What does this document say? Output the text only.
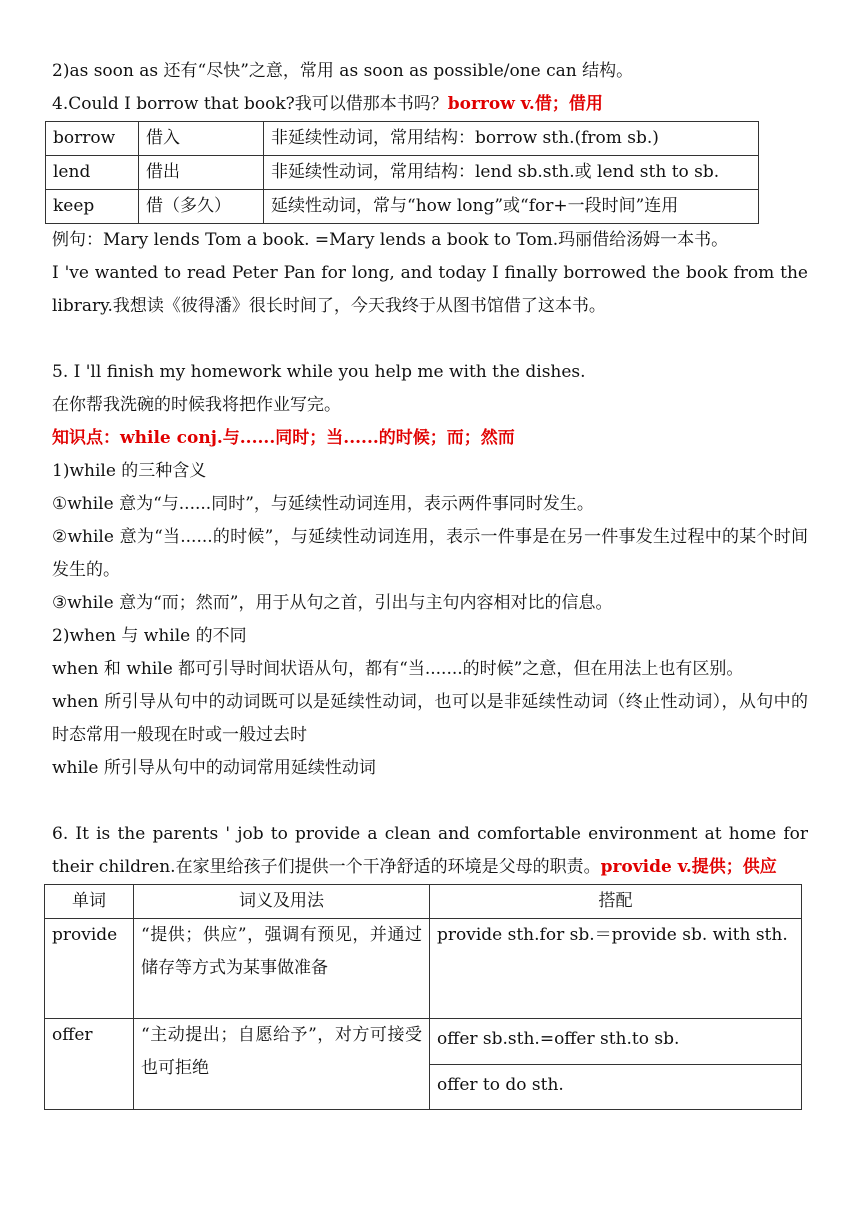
2)as soon as 还有“尽快”之意，常用 as soon as possible/one can 结构。

4.Could I borrow that book?我可以借那本书吗？borrow v.借；借用

borrow	借入	非延续性动词，常用结构：borrow sth.(from sb.)
lend	借出	非延续性动词，常用结构：lend sb.sth.或 lend sth to sb.
keep	借（多久）	延续性动词，常与“how long”或“for+一段时间”连用

例句：Mary lends Tom a book. =Mary lends a book to Tom.玛丽借给汤姆一本书。

I 've wanted to read Peter Pan for long, and today I finally borrowed the book from the library.我想读《彼得潘》很长时间了，今天我终于从图书馆借了这本书。

5. I 'll finish my homework while you help me with the dishes.

在你帮我洗碗的时候我将把作业写完。

知识点：while conj.与......同时；当......的时候；而；然而

1)while 的三种含义

①while 意为“与......同时”，与延续性动词连用，表示两件事同时发生。

②while 意为“当......的时候”，与延续性动词连用，表示一件事是在另一件事发生过程中的某个时间发生的。

③while 意为“而；然而”，用于从句之首，引出与主句内容相对比的信息。

2)when 与 while 的不同

when 和 while 都可引导时间状语从句，都有“当.......的时候”之意，但在用法上也有区别。

when 所引导从句中的动词既可以是延续性动词，也可以是非延续性动词（终止性动词），从句中的时态常用一般现在时或一般过去时

while 所引导从句中的动词常用延续性动词

6. It is the parents ' job to provide a clean and comfortable environment at home for their children.在家里给孩子们提供一个干净舒适的环境是父母的职责。provide v.提供；供应

单词	词义及用法	搭配
provide	“提供；供应”，强调有预见，并通过储存等方式为某事做准备	provide sth.for sb.＝provide sb. with sth.
offer	“主动提出；自愿给予”，对方可接受也可拒绝	offer sb.sth.=offer sth.to sb.
		offer to do sth.
